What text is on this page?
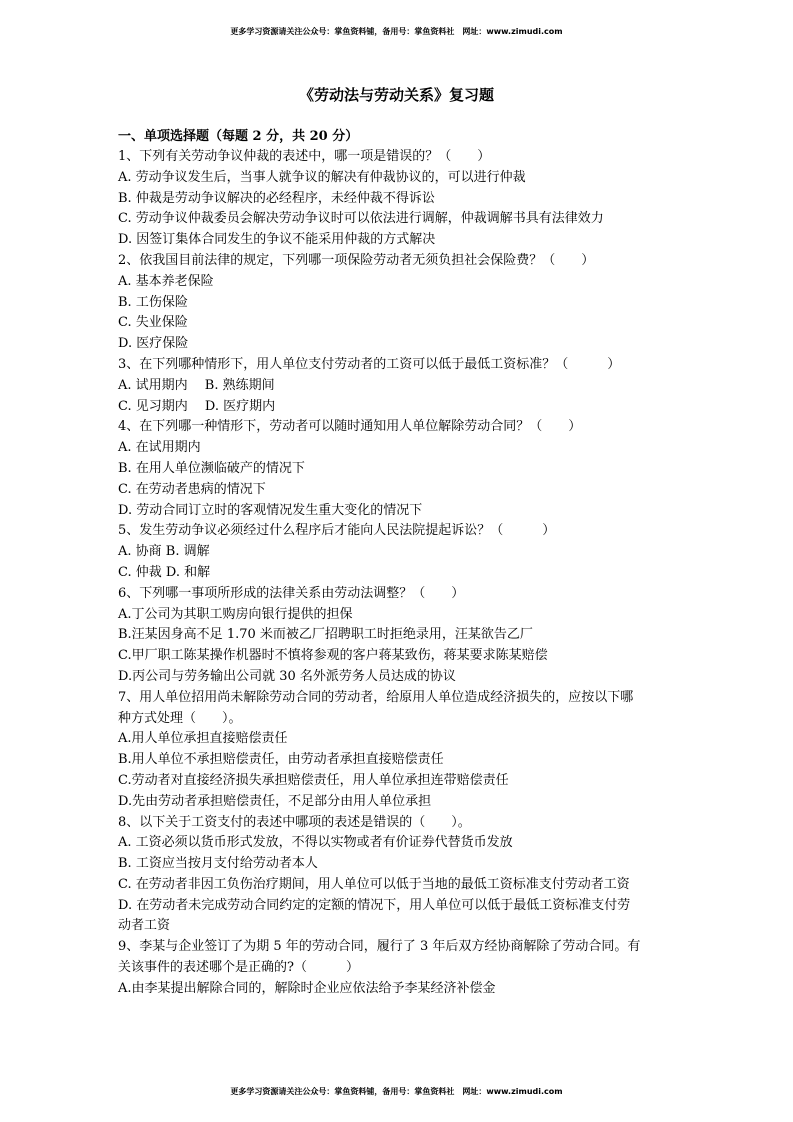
更多学习资源请关注公众号：掌鱼资料铺，备用号：掌鱼资料社　网址：www.zimudi.com
《劳动法与劳动关系》复习题
一、单项选择题（每题 2 分，共 20 分）
1、下列有关劳动争议仲裁的表述中，哪一项是错误的？（　　）
A. 劳动争议发生后，当事人就争议的解决有仲裁协议的，可以进行仲裁
B. 仲裁是劳动争议解决的必经程序，未经仲裁不得诉讼
C. 劳动争议仲裁委员会解决劳动争议时可以依法进行调解，仲裁调解书具有法律效力
D. 因签订集体合同发生的争议不能采用仲裁的方式解决
2、依我国目前法律的规定，下列哪一项保险劳动者无须负担社会保险费？（　　）
A. 基本养老保险
B. 工伤保险
C. 失业保险
D. 医疗保险
3、在下列哪种情形下，用人单位支付劳动者的工资可以低于最低工资标准？（　　　）
A. 试用期内　 B. 熟练期间
C. 见习期内　 D. 医疗期内
4、在下列哪一种情形下，劳动者可以随时通知用人单位解除劳动合同？（　　）
A. 在试用期内
B. 在用人单位濒临破产的情况下
C. 在劳动者患病的情况下
D. 劳动合同订立时的客观情况发生重大变化的情况下
5、发生劳动争议必须经过什么程序后才能向人民法院提起诉讼？（　　　）
A. 协商 B. 调解
C. 仲裁 D. 和解
6、下列哪一事项所形成的法律关系由劳动法调整？（　　）
A.丁公司为其职工购房向银行提供的担保
B.汪某因身高不足 1.70 米而被乙厂招聘职工时拒绝录用，汪某欲告乙厂
C.甲厂职工陈某操作机器时不慎将参观的客户蒋某致伤，蒋某要求陈某赔偿
D.丙公司与劳务输出公司就 30 名外派劳务人员达成的协议
7、用人单位招用尚未解除劳动合同的劳动者，给原用人单位造成经济损失的，应按以下哪
种方式处理（　　）。
A.用人单位承担直接赔偿责任
B.用人单位不承担赔偿责任，由劳动者承担直接赔偿责任
C.劳动者对直接经济损失承担赔偿责任，用人单位承担连带赔偿责任
D.先由劳动者承担赔偿责任，不足部分由用人单位承担
8、以下关于工资支付的表述中哪项的表述是错误的（　　）。
A. 工资必须以货币形式发放，不得以实物或者有价证券代替货币发放
B. 工资应当按月支付给劳动者本人
C. 在劳动者非因工负伤治疗期间，用人单位可以低于当地的最低工资标准支付劳动者工资
D. 在劳动者未完成劳动合同约定的定额的情况下，用人单位可以低于最低工资标准支付劳
动者工资
9、李某与企业签订了为期 5 年的劳动合同，履行了 3 年后双方经协商解除了劳动合同。有
关该事件的表述哪个是正确的?（　　　）
A.由李某提出解除合同的，解除时企业应依法给予李某经济补偿金
更多学习资源请关注公众号：掌鱼资料铺，备用号：掌鱼资料社　网址：www.zimudi.com
